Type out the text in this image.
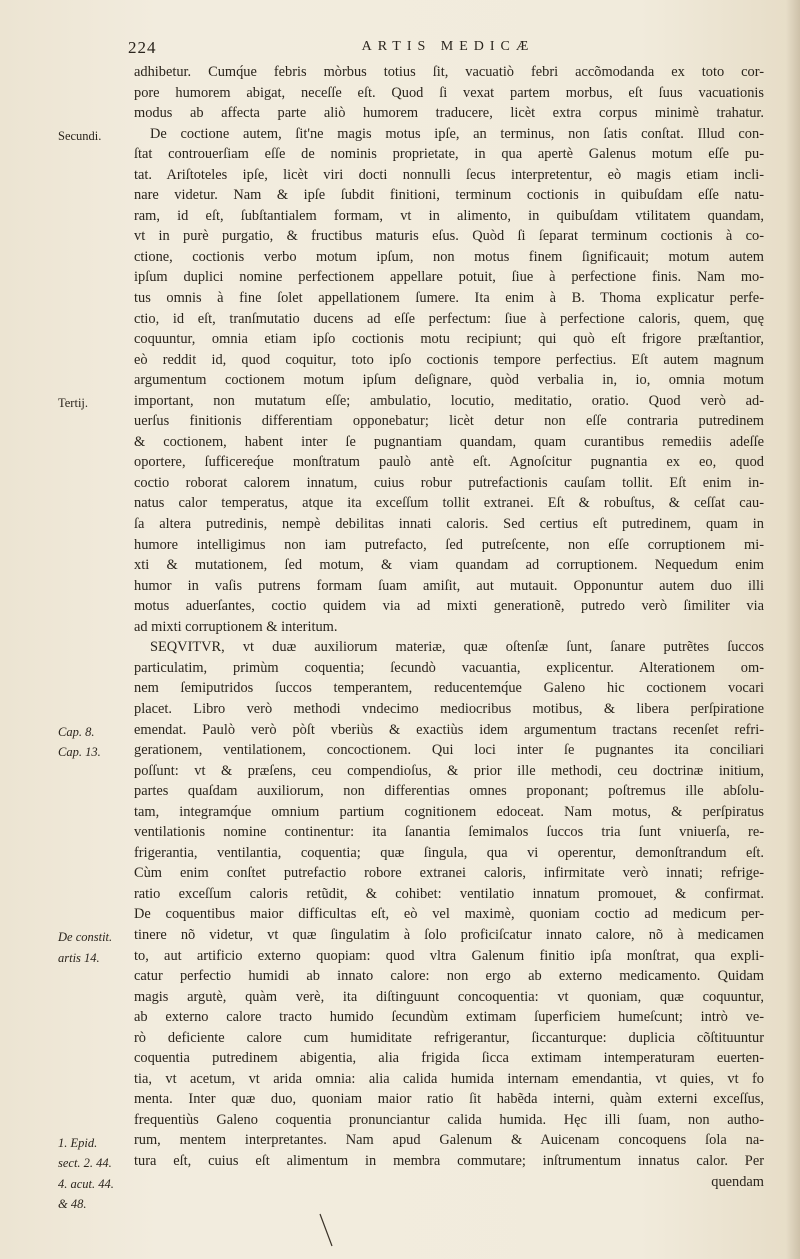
224	ARTIS MEDICÆ
Secundi.
Tertij.
Cap. 8.
Cap. 13.
De constit.
artis 14.
1. Epid.
sect. 2. 44.
4. acut. 44.
& 48.
adhibetur. Cumq́ue febris mòrbus totius ſit, vacuatiò febri accõmodanda ex toto cor-
pore humorem abigat, neceſſe eſt. Quod ſi vexat partem morbus, eſt ſuus vacuationis
modus ab affecta parte aliò humorem traducere, licèt extra corpus minimè trahatur.
De coctione autem, ſit'ne magis motus ipſe, an terminus, non ſatis conſtat. Illud con-
ſtat controuerſiam eſſe de nominis proprietate, in qua apertè Galenus motum eſſe pu-
tat. Ariſtoteles ipſe, licèt viri docti nonnulli ſecus interpretentur, eò magis etiam incli-
nare videtur. Nam & ipſe ſubdit finitioni, terminum coctionis in quibuſdam eſſe natu-
ram, id eſt, ſubſtantialem formam, vt in alimento, in quibuſdam vtilitatem quandam,
vt in purè purgatio, & fructibus maturis eſus. Quòd ſi ſeparat terminum coctionis à co-
ctione, coctionis verbo motum ipſum, non motus finem ſignificauit; motum autem
ipſum duplici nomine perfectionem appellare potuit, ſiue à perfectione finis. Nam mo-
tus omnis à fine ſolet appellationem ſumere. Ita enim à B. Thoma explicatur perfe-
ctio, id eſt, tranſmutatio ducens ad eſſe perfectum: ſiue à perfectione caloris, quem, quę
coquuntur, omnia etiam ipſo coctionis motu recipiunt; qui quò eſt frigore præſtantior,
eò reddit id, quod coquitur, toto ipſo coctionis tempore perfectius. Eſt autem magnum
argumentum coctionem motum ipſum deſignare, quòd verbalia in, io, omnia motum
important, non mutatum eſſe; ambulatio, locutio, meditatio, oratio. Quod verò ad-
uerſus finitionis differentiam opponebatur; licèt detur non eſſe contraria putredinem
& coctionem, habent inter ſe pugnantiam quandam, quam curantibus remediis adeſſe
oportere, ſufficereq́ue monſtratum paulò antè eſt. Agnoſcitur pugnantia ex eo, quod
coctio roborat calorem innatum, cuius robur putrefactionis cauſam tollit. Eſt enim in-
natus calor temperatus, atque ita exceſſum tollit extranei. Eſt & robuſtus, & ceſſat cau-
ſa altera putredinis, nempè debilitas innati caloris. Sed certius eſt putredinem, quam in
humore intelligimus non iam putrefacto, ſed putreſcente, non eſſe corruptionem mi-
xti & mutationem, ſed motum, & viam quandam ad corruptionem. Nequedum enim
humor in vaſis putrens formam ſuam amiſit, aut mutauit. Opponuntur autem duo illi
motus aduerſantes, coctio quidem via ad mixti generationẽ, putredo verò ſimiliter via
ad mixti corruptionem & interitum.
SEQVITVR, vt duæ auxiliorum materiæ, quæ oſtenſæ ſunt, ſanare putrẽtes ſuccos
particulatim, primùm coquentia; ſecundò vacuantia, explicentur. Alterationem om-
nem ſemiputridos ſuccos temperantem, reducentemq́ue Galeno hic coctionem vocari
placet. Libro verò methodi vndecimo mediocribus motibus, & libera perſpiratione
emendat. Paulò verò pòſt vberiùs & exactiùs idem argumentum tractans recenſet refri-
gerationem, ventilationem, concoctionem. Qui loci inter ſe pugnantes ita conciliari
poſſunt: vt & præſens, ceu compendioſus, & prior ille methodi, ceu doctrinæ initium,
partes quaſdam auxiliorum, non differentias omnes proponant; poſtremus ille abſolu-
tam, integramq́ue omnium partium cognitionem edoceat. Nam motus, & perſpiratus
ventilationis nomine continentur: ita ſanantia ſemimalos ſuccos tria ſunt vniuerſa, re-
frigerantia, ventilantia, coquentia; quæ ſingula, qua vi operentur, demonſtrandum eſt.
Cùm enim conſtet putrefactio robore extranei caloris, infirmitate verò innati; refrige-
ratio exceſſum caloris retũdit, & cohibet: ventilatio innatum promouet, & confirmat.
De coquentibus maior difficultas eſt, eò vel maximè, quoniam coctio ad medicum per-
tinere nõ videtur, vt quæ ſingulatim à ſolo proficiſcatur innato calore, nõ à medicamen
to, aut artificio externo quopiam: quod vltra Galenum finitio ipſa monſtrat, qua expli-
catur perfectio humidi ab innato calore: non ergo ab externo medicamento. Quidam
magis argutè, quàm verè, ita diſtinguunt concoquentia: vt quoniam, quæ coquuntur,
ab externo calore tracto humido ſecundùm extimam ſuperficiem humeſcunt; intrò ve-
rò deficiente calore cum humiditate refrigerantur, ſiccanturque: duplicia cõſtituuntur
coquentia putredinem abigentia, alia frigida ſicca extimam intemperaturam euerten-
tia, vt acetum, vt arida omnia: alia calida humida internam emendantia, vt quies, vt fo
menta. Inter quæ duo, quoniam maior ratio ſit habẽda interni, quàm externi exceſſus,
frequentiùs Galeno coquentia pronunciantur calida humida. Hęc illi ſuam, non autho-
rum, mentem interpretantes. Nam apud Galenum & Auicenam concoquens ſola na-
tura eſt, cuius eſt alimentum in membra commutare; inſtrumentum innatus calor. Per
quendam
